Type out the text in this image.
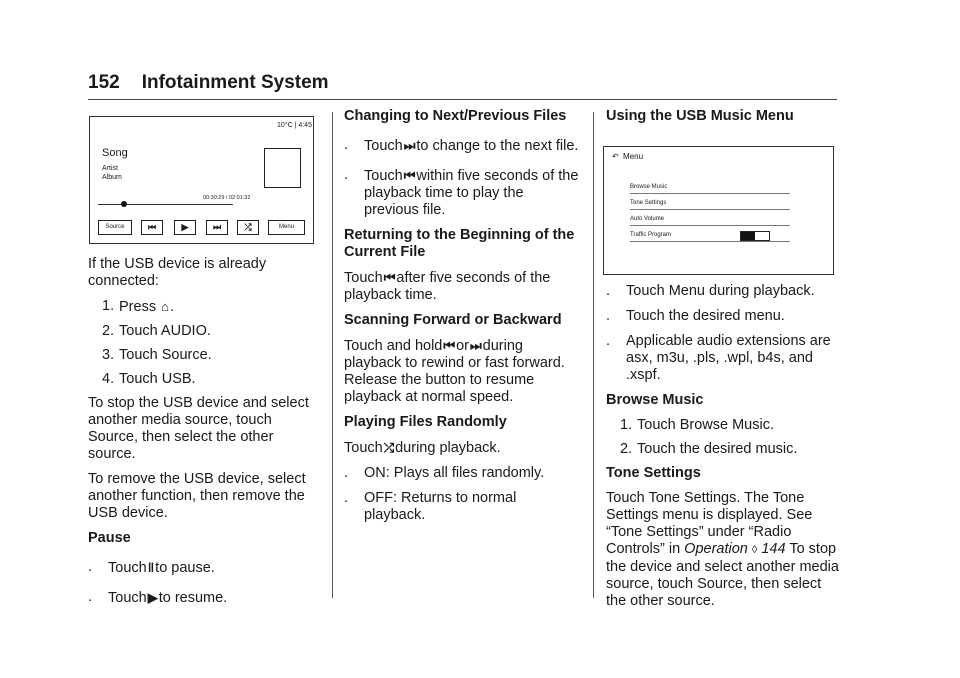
152 Infotainment System
10°C | 4:45
Song
Artist
Album
00:30:29 / 02:01:32
Source	⏮	▶	⏭	⤮	Menu

If the USB device is already connected:

1. Press ⌂.
2. Touch AUDIO.
3. Touch Source.
4. Touch USB.

To stop the USB device and select another media source, touch Source, then select the other source.

To remove the USB device, select another function, then remove the USB device.

Pause

.	Touchǁto pause.
.	Touch▶to resume.

Changing to Next/Previous Files

.	Touch⏭to change to the next file.
.	Touch⏮within five seconds of the playback time to play the previous file.

Returning to the Beginning of the Current File

Touch⏮after five seconds of the playback time.

Scanning Forward or Backward

Touch and hold⏮or⏭during playback to rewind or fast forward. Release the button to resume playback at normal speed.

Playing Files Randomly

Touch⤮during playback.

.	ON: Plays all files randomly.
.	OFF: Returns to normal playback.

Using the USB Music Menu

↶ Menu
Browse Music
Tone Settings
Auto Volume
Traffic Program
.	Touch Menu during playback.
.	Touch the desired menu.
.	Applicable audio extensions are asx, m3u, .pls, .wpl, b4s, and .xspf.

Browse Music

1. Touch Browse Music.
2. Touch the desired music.

Tone Settings

Touch Tone Settings. The Tone Settings menu is displayed. See “Tone Settings” under “Radio Controls” in Operation ◊ 144 To stop the device and select another media source, touch Source, then select the other source.
